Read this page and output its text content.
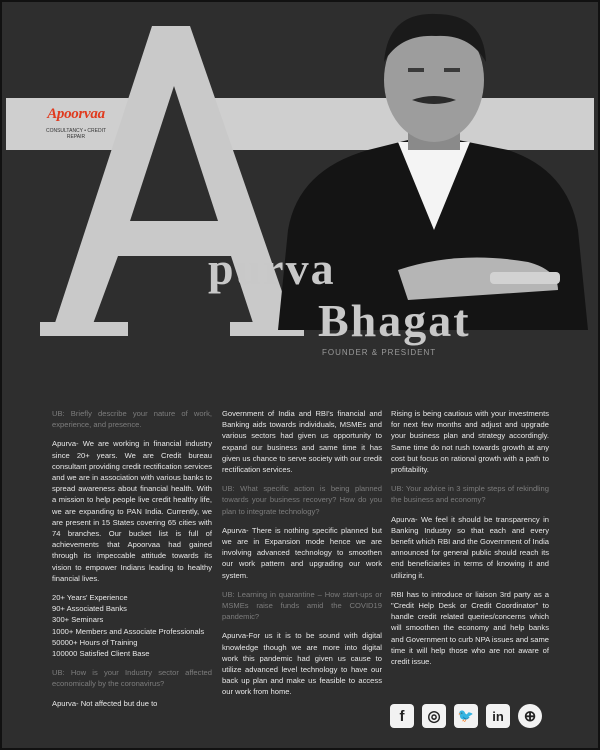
Apoorvaa
CONSULTANCY • CREDIT REPAIR
purva
Bhagat
FOUNDER & PRESIDENT

UB: Briefly describe your nature of work, experience, and presence.

Apurva- We are working in financial industry since 20+ years. We are Credit bureau consultant providing credit rectification services and we are in association with various banks to spread awareness about financial health. With a mission to help people live credit healthy life, we are expanding to PAN India. Currently, we are present in 15 States covering 65 cities with 74 branches. Our bucket list is full of achievements that Apoorvaa had gained through its impeccable attitude towards its vision to empower Indians leading to healthy financial lives.

20+ Years' Experience
90+ Associated Banks
300+ Seminars
1000+ Members and Associate Professionals
50000+ Hours of Training
100000 Satisfied Client Base

UB: How is your Industry sector affected economically by the coronavirus?

Apurva- Not affected but due to

Government of India and RBI's financial and Banking aids towards individuals, MSMEs and various sectors had given us opportunity to expand our business and same time it has given us chance to serve society with our credit rectification services.

UB: What specific action is being planned towards your business recovery? How do you plan to integrate technology?

Apurva- There is nothing specific planned but we are in Expansion mode hence we are involving advanced technology to smoothen our work pattern and upgrading our work system.

UB: Learning in quarantine – How start-ups or MSMEs raise funds amid the COVID19 pandemic?

Apurva-For us it is to be sound with digital knowledge though we are more into digital work this pandemic had given us cause to utilize advanced level technology to have our back up plan and make us feasible to access our work from home.

Rising is being cautious with your investments for next few months and adjust and upgrade your business plan and strategy accordingly. Same time do not rush towards growth at any cost but focus on rational growth with a path to profitability.

UB: Your advice in 3 simple steps of rekindling the business and economy?

Apurva- We feel it should be transparency in Banking Industry so that each and every benefit which RBI and the Government of India announced for general public should reach its end beneficiaries in terms of knowing it and utilizing it.

RBI has to introduce or liaison 3rd party as a "Credit Help Desk or Credit Coordinator" to handle credit related queries/concerns which will smoothen the economy and help banks and Government to curb NPA issues and same time it will help those who are not aware of credit issue.

f	◎	🐦	in	⊕
